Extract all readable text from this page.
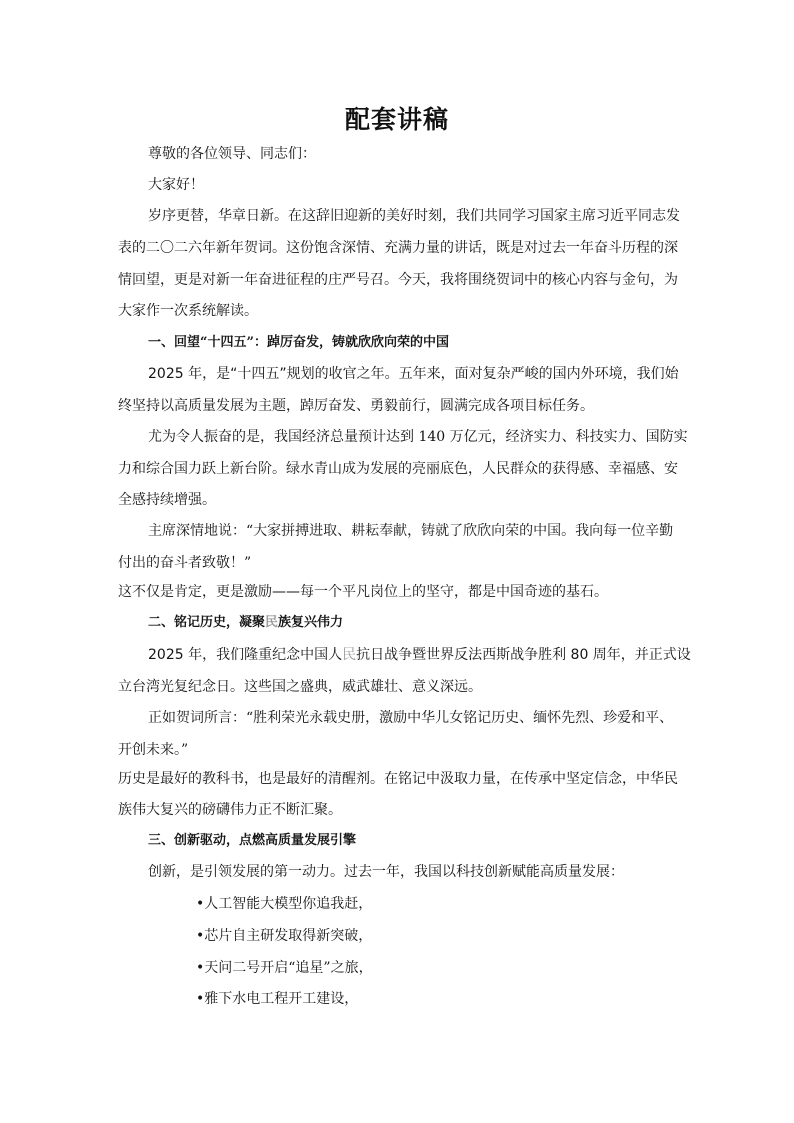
配套讲稿
尊敬的各位领导、同志们：
大家好！
岁序更替，华章日新。在这辞旧迎新的美好时刻，我们共同学习国家主席习近平同志发
表的二〇二六年新年贺词。这份饱含深情、充满力量的讲话，既是对过去一年奋斗历程的深
情回望，更是对新一年奋进征程的庄严号召。今天，我将围绕贺词中的核心内容与金句，为
大家作一次系统解读。
一、回望“十四五”：踔厉奋发，铸就欣欣向荣的中国
2025 年，是“十四五”规划的收官之年。五年来，面对复杂严峻的国内外环境，我们始
终坚持以高质量发展为主题，踔厉奋发、勇毅前行，圆满完成各项目标任务。
尤为令人振奋的是，我国经济总量预计达到 140 万亿元，经济实力、科技实力、国防实
力和综合国力跃上新台阶。绿水青山成为发展的亮丽底色，人民群众的获得感、幸福感、安
全感持续增强。
主席深情地说：“大家拼搏进取、耕耘奉献，铸就了欣欣向荣的中国。我向每一位辛勤
付出的奋斗者致敬！”
这不仅是肯定，更是激励——每一个平凡岗位上的坚守，都是中国奇迹的基石。
二、铭记历史，凝聚民族复兴伟力
2025 年，我们隆重纪念中国人民抗日战争暨世界反法西斯战争胜利 80 周年，并正式设
立台湾光复纪念日。这些国之盛典，威武雄壮、意义深远。
正如贺词所言：“胜利荣光永载史册，激励中华儿女铭记历史、缅怀先烈、珍爱和平、
开创未来。”
历史是最好的教科书，也是最好的清醒剂。在铭记中汲取力量，在传承中坚定信念，中华民
族伟大复兴的磅礴伟力正不断汇聚。
三、创新驱动，点燃高质量发展引擎
创新，是引领发展的第一动力。过去一年，我国以科技创新赋能高质量发展：
•人工智能大模型你追我赶，
•芯片自主研发取得新突破，
•天问二号开启“追星”之旅，
•雅下水电工程开工建设，
